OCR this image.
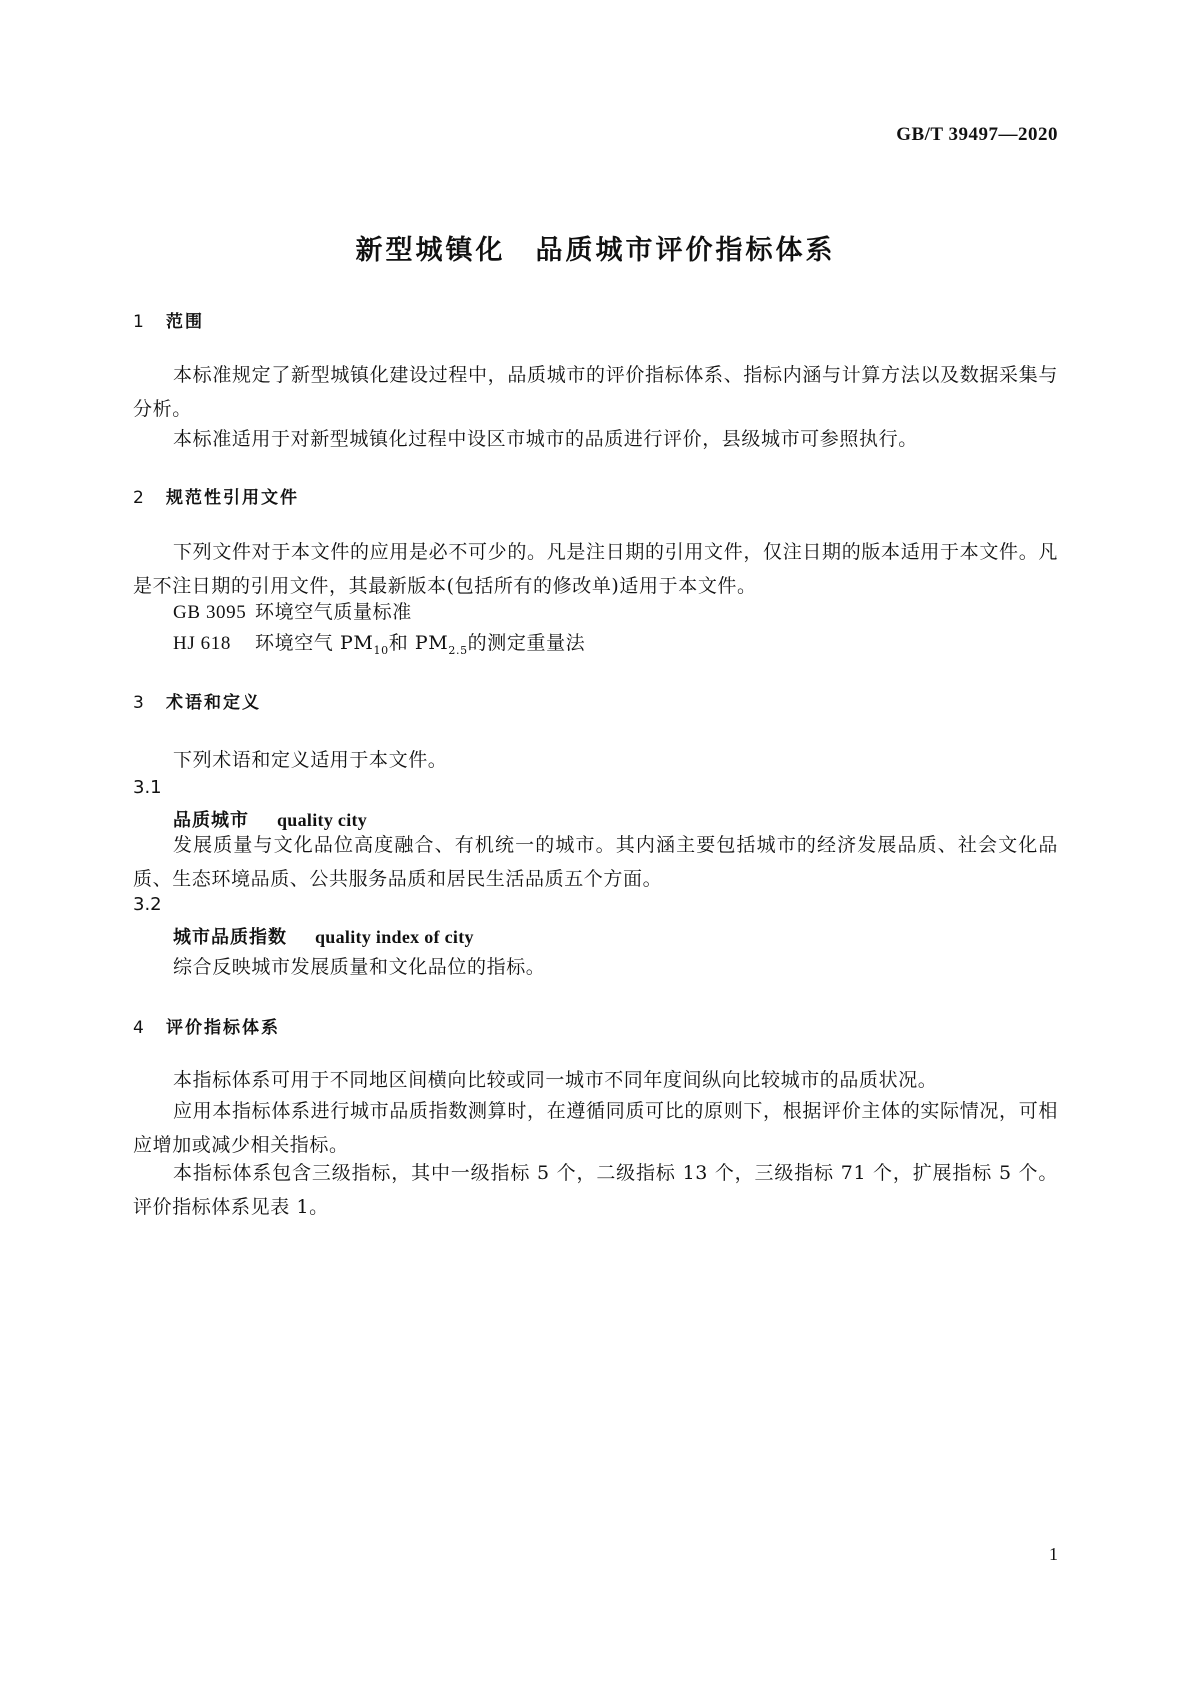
GB/T 39497—2020
新型城镇化　品质城市评价指标体系
1 范围

本标准规定了新型城镇化建设过程中，品质城市的评价指标体系、指标内涵与计算方法以及数据采集与分析。

本标准适用于对新型城镇化过程中设区市城市的品质进行评价，县级城市可参照执行。

2 规范性引用文件

下列文件对于本文件的应用是必不可少的。凡是注日期的引用文件，仅注日期的版本适用于本文件。凡是不注日期的引用文件，其最新版本(包括所有的修改单)适用于本文件。

GB 3095 环境空气质量标准
HJ 618 环境空气 $PM_{10}$和 $PM_{2.5}$的测定重量法
3 术语和定义
下列术语和定义适用于本文件。
3.1
品质城市 quality city

发展质量与文化品位高度融合、有机统一的城市。其内涵主要包括城市的经济发展品质、社会文化品质、生态环境品质、公共服务品质和居民生活品质五个方面。

3.2
城市品质指数 quality index of city
综合反映城市发展质量和文化品位的指标。
4 评价指标体系

本指标体系可用于不同地区间横向比较或同一城市不同年度间纵向比较城市的品质状况。

应用本指标体系进行城市品质指数测算时，在遵循同质可比的原则下，根据评价主体的实际情况，可相应增加或减少相关指标。

本指标体系包含三级指标，其中一级指标 5 个，二级指标 13 个，三级指标 71 个，扩展指标 5 个。评价指标体系见表 1。

1
